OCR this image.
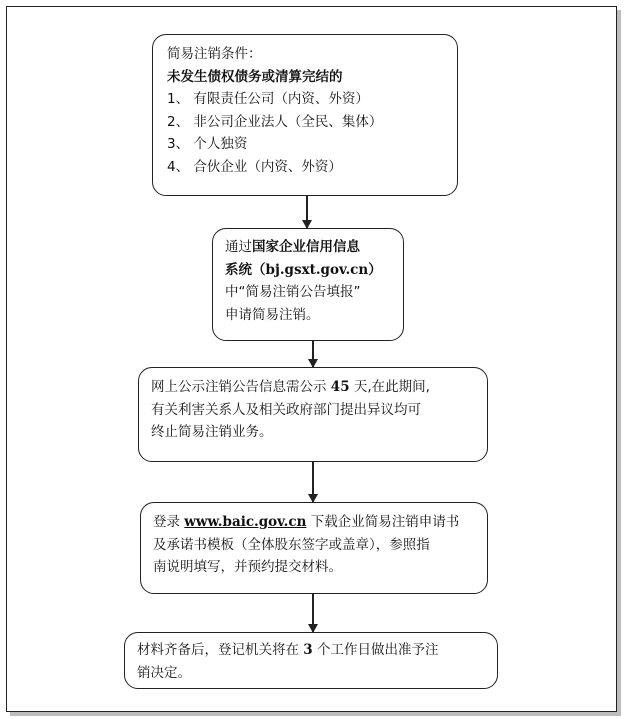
简易注销条件：
未发生债权债务或清算完结的
1、 有限责任公司（内资、外资）
2、 非公司企业法人（全民、集体）
3、 个人独资
4、 合伙企业（内资、外资）
通过国家企业信用信息
系统（bj.gsxt.gov.cn）
中“简易注销公告填报”
申请简易注销。
网上公示注销公告信息需公示 45 天,在此期间,
有关利害关系人及相关政府部门提出异议均可
终止简易注销业务。
登录 www.baic.gov.cn 下载企业简易注销申请书
及承诺书模板（全体股东签字或盖章），参照指
南说明填写，并预约提交材料。
材料齐备后，登记机关将在 3 个工作日做出准予注
销决定。
